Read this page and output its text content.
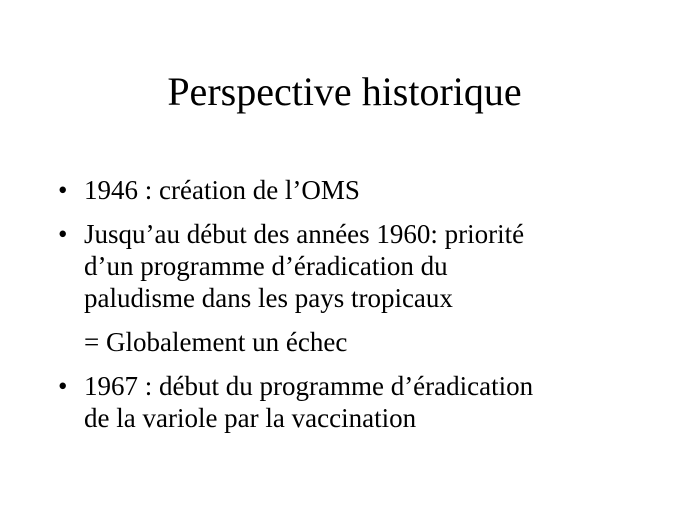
Perspective historique
• 1946 : création de l’OMS
• Jusqu’au début des années 1960: priorité
d’un programme d’éradication du
paludisme dans les pays tropicaux
= Globalement un échec
• 1967 : début du programme d’éradication
de la variole par la vaccination
